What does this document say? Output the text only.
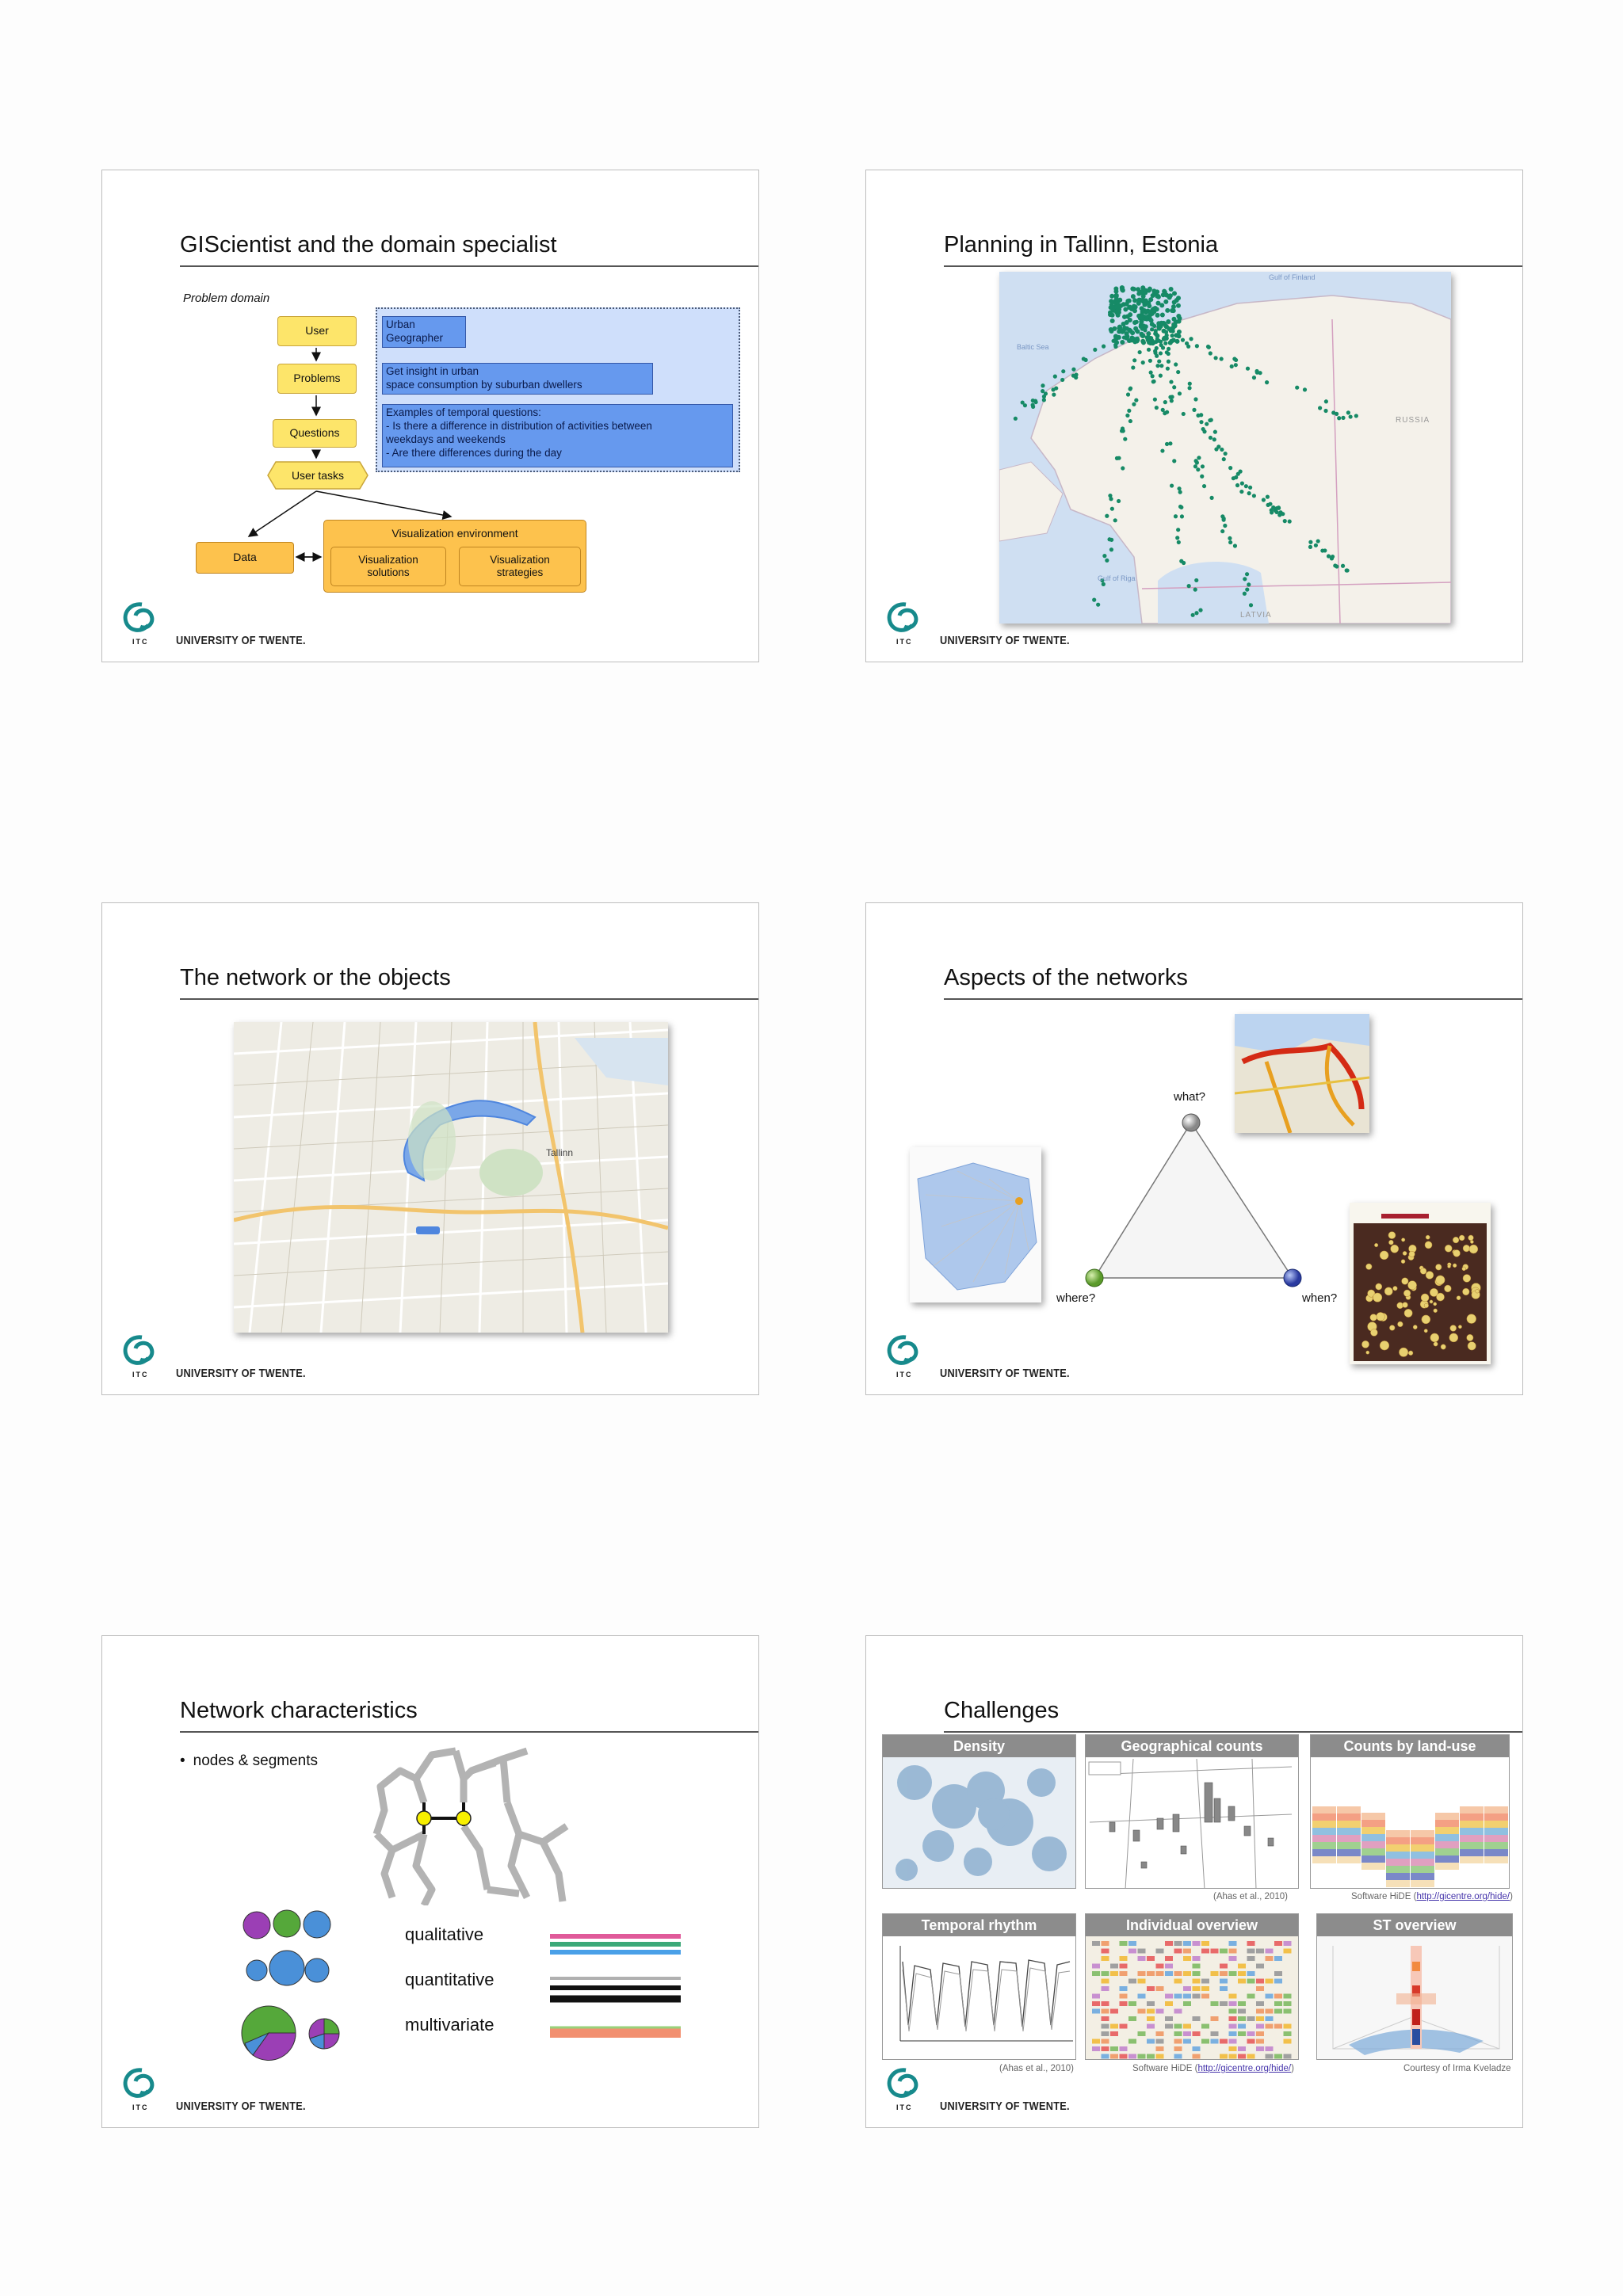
GIScientist and the domain specialist
Problem domain
User
Problems
Questions
User tasks
Data
Visualization environment
Visualization solutions
Visualization strategies
Urban
Geographer
Get insight in urban
space consumption by suburban dwellers
Examples of temporal questions:
- Is there a difference in distribution of activities between
weekdays and weekends
- Are there differences during the day
ITC UNIVERSITY OF TWENTE.
Planning in Tallinn, Estonia
Gulf of Finland
Baltic Sea
RUSSIA
Gulf of Riga
LATVIA
ITC UNIVERSITY OF TWENTE.
The network or the objects
Tallinn
ITC UNIVERSITY OF TWENTE.
Aspects of the networks
what?
where?	when?
ITC UNIVERSITY OF TWENTE.
Network characteristics
• nodes & segments
qualitative
quantitative
multivariate
ITC UNIVERSITY OF TWENTE.
Challenges
Density	Geographical counts	Counts by land-use
(Ahas et al., 2010)	Software HiDE (http://gicentre.org/hide/)
Temporal rhythm	Individual overview	ST overview
(Ahas et al., 2010)	Software HiDE (http://gicentre.org/hide/)	Courtesy of Irma Kveladze
ITC UNIVERSITY OF TWENTE.
